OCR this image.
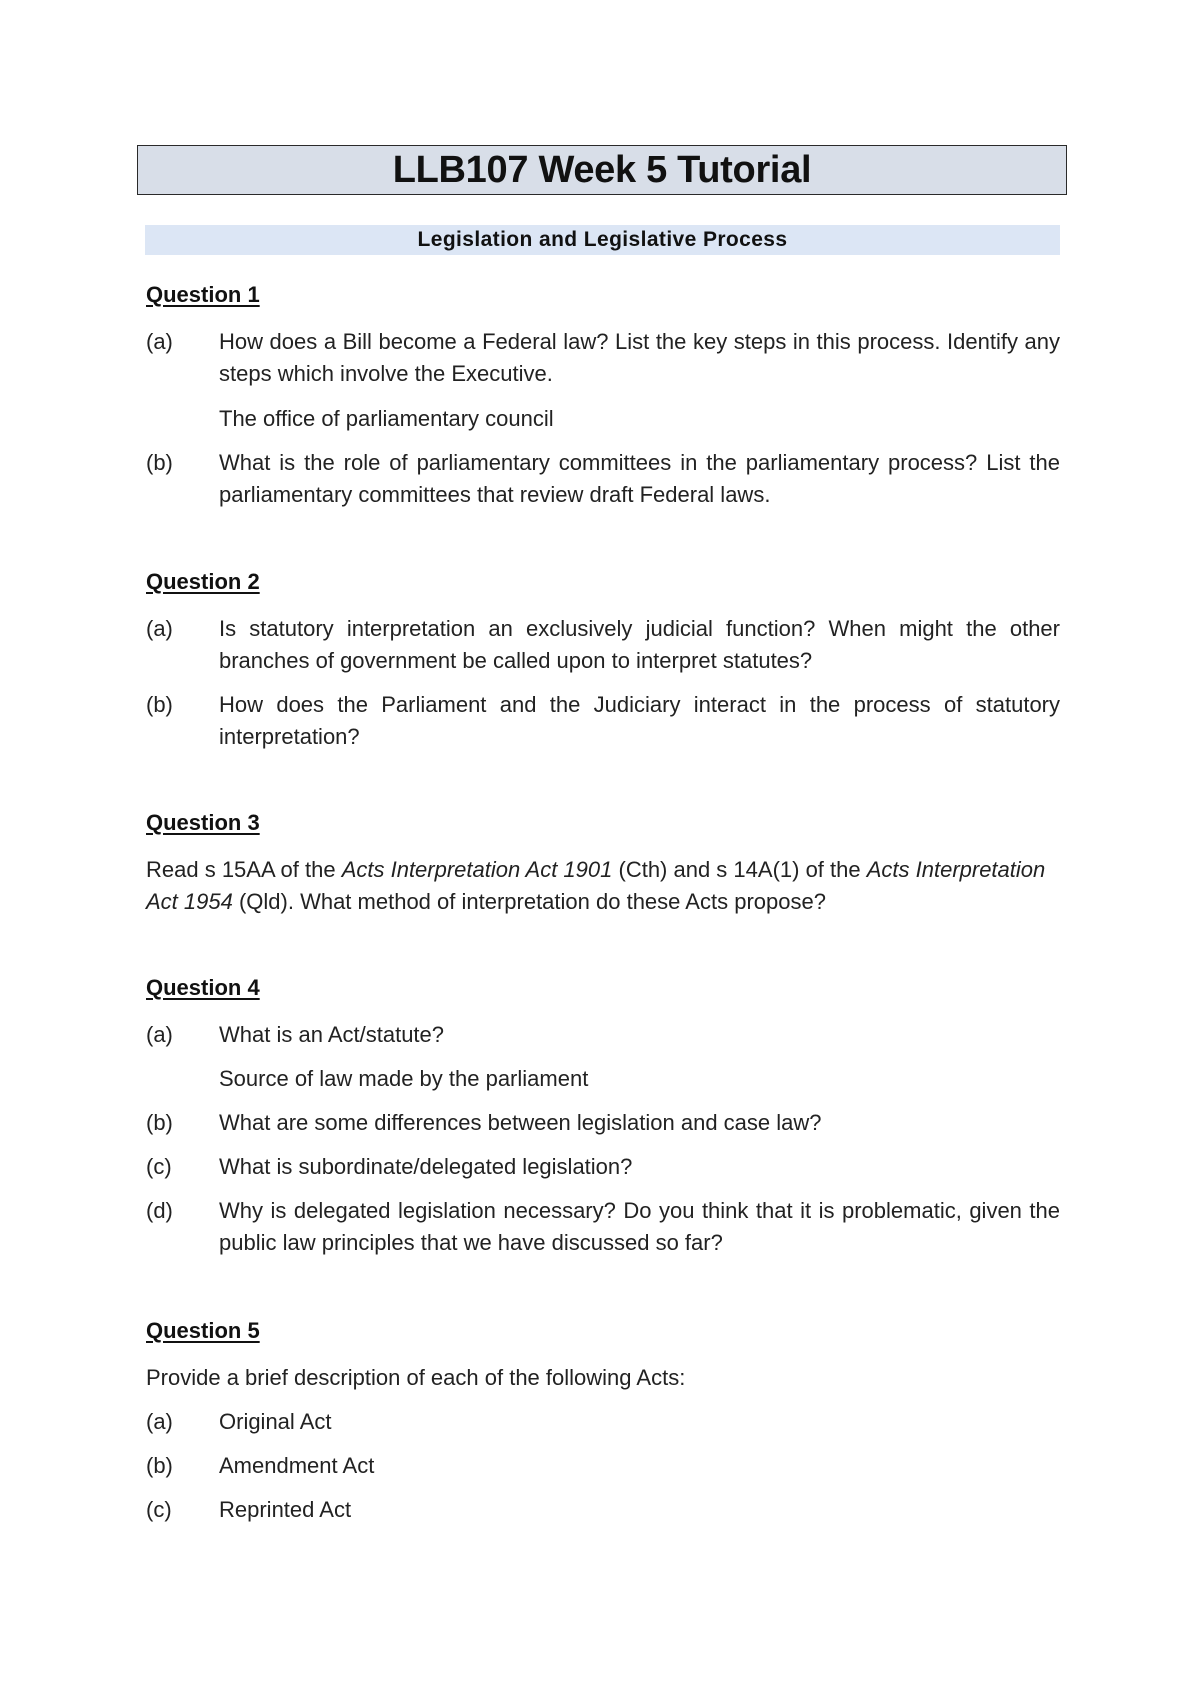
LLB107 Week 5 Tutorial
Legislation and Legislative Process
Question 1
(a) How does a Bill become a Federal law? List the key steps in this process. Identify any steps which involve the Executive.
The office of parliamentary council
(b) What is the role of parliamentary committees in the parliamentary process? List the parliamentary committees that review draft Federal laws.
Question 2
(a) Is statutory interpretation an exclusively judicial function? When might the other branches of government be called upon to interpret statutes?
(b) How does the Parliament and the Judiciary interact in the process of statutory interpretation?
Question 3
Read s 15AA of the Acts Interpretation Act 1901 (Cth) and s 14A(1) of the Acts Interpretation Act 1954 (Qld). What method of interpretation do these Acts propose?
Question 4
(a) What is an Act/statute?
Source of law made by the parliament
(b) What are some differences between legislation and case law?
(c) What is subordinate/delegated legislation?
(d) Why is delegated legislation necessary? Do you think that it is problematic, given the public law principles that we have discussed so far?
Question 5
Provide a brief description of each of the following Acts:
(a) Original Act
(b) Amendment Act
(c) Reprinted Act
